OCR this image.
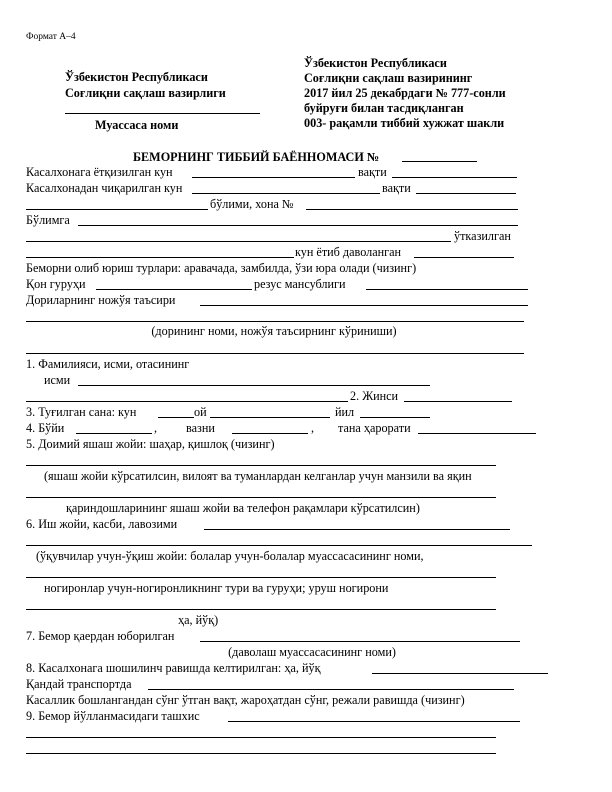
Формат А–4
Ўзбекистон Республикаси
Соғлиқни сақлаш вазирлиги
Муассаса номи
Ўзбекистон Республикаси
Соғлиқни сақлаш вазирининг
2017 йил 25 декабрдаги № 777-сонли
буйруғи билан тасдиқланган
003- рақамли тиббий хужжат шакли
БЕМОРНИНГ ТИББИЙ БАЁННОМАСИ №
Касалхонага ётқизилган кун	вақти
Касалхонадан чиқарилган кун	вақти
бўлими, хона №
Бўлимга
ўтказилган
кун ётиб даволанган
Беморни олиб юриш турлари: аравачада, замбилда, ўзи юра олади (чизинг)
Қон гуруҳи	резус мансублиги
Дориларнинг ножўя таъсири
(дорининг номи, ножўя таъсирнинг кўриниши)
1. Фамилияси, исми, отасининг
исми
2. Жинси
3. Туғилган сана: кун	ой	йил
4. Бўйи	, вазни	, тана ҳарорати
5. Доимий яшаш жойи: шаҳар, қишлоқ (чизинг)
(яшаш жойи кўрсатилсин, вилоят ва туманлардан келганлар учун манзили ва яқин
қариндошларининг яшаш жойи ва телефон рақамлари кўрсатилсин)
6. Иш жойи, касби, лавозими
(ўқувчилар учун-ўқиш жойи: болалар учун-болалар муассасасининг номи,
ногиронлар учун-ногиронликнинг тури ва гуруҳи; уруш ногирони
ҳа, йўқ)
7. Бемор қаердан юборилган
(даволаш муассасасининг номи)
8. Касалхонага шошилинч равишда келтирилган: ҳа, йўқ
Қандай транспортда
Касаллик бошлангандан сўнг ўтган вақт, жароҳатдан сўнг, режали равишда (чизинг)
9. Бемор йўлланмасидаги ташхис
